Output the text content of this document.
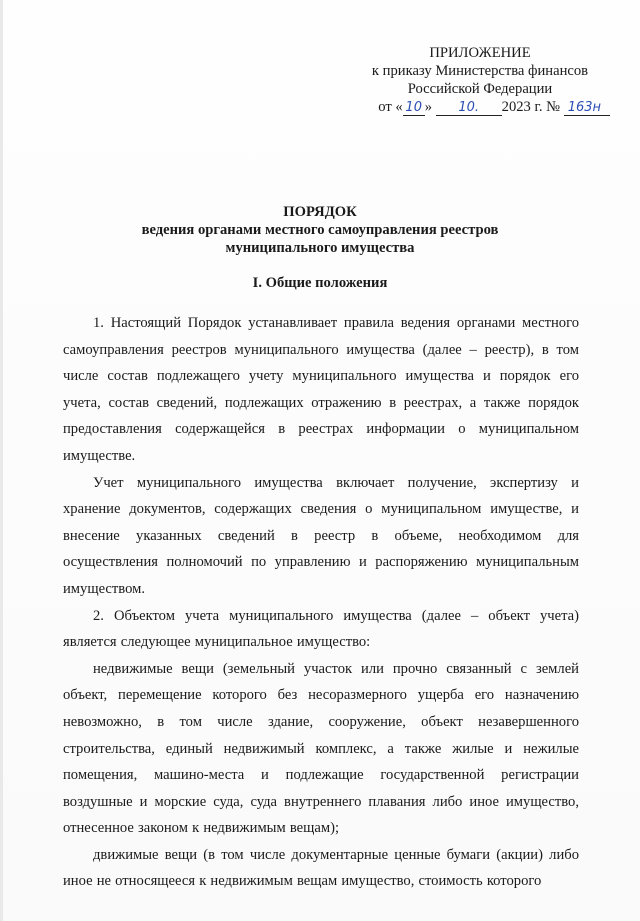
ПРИЛОЖЕНИЕ
к приказу Министерства финансов
Российской Федерации
от « 10 » 10. 2023 г. № 163н
ПОРЯДОК
ведения органами местного самоуправления реестров
муниципального имущества
I. Общие положения

1. Настоящий Порядок устанавливает правила ведения органами местного самоуправления реестров муниципального имущества (далее – реестр), в том числе состав подлежащего учету муниципального имущества и порядок его учета, состав сведений, подлежащих отражению в реестрах, а также порядок предоставления содержащейся в реестрах информации о муниципальном имуществе.

Учет муниципального имущества включает получение, экспертизу и хранение документов, содержащих сведения о муниципальном имуществе, и внесение указанных сведений в реестр в объеме, необходимом для осуществления полномочий по управлению и распоряжению муниципальным имуществом.

2. Объектом учета муниципального имущества (далее – объект учета) является следующее муниципальное имущество:

недвижимые вещи (земельный участок или прочно связанный с землей объект, перемещение которого без несоразмерного ущерба его назначению невозможно, в том числе здание, сооружение, объект незавершенного строительства, единый недвижимый комплекс, а также жилые и нежилые помещения, машино-места и подлежащие государственной регистрации воздушные и морские суда, суда внутреннего плавания либо иное имущество, отнесенное законом к недвижимым вещам);

движимые вещи (в том числе документарные ценные бумаги (акции) либо иное не относящееся к недвижимым вещам имущество, стоимость которого
